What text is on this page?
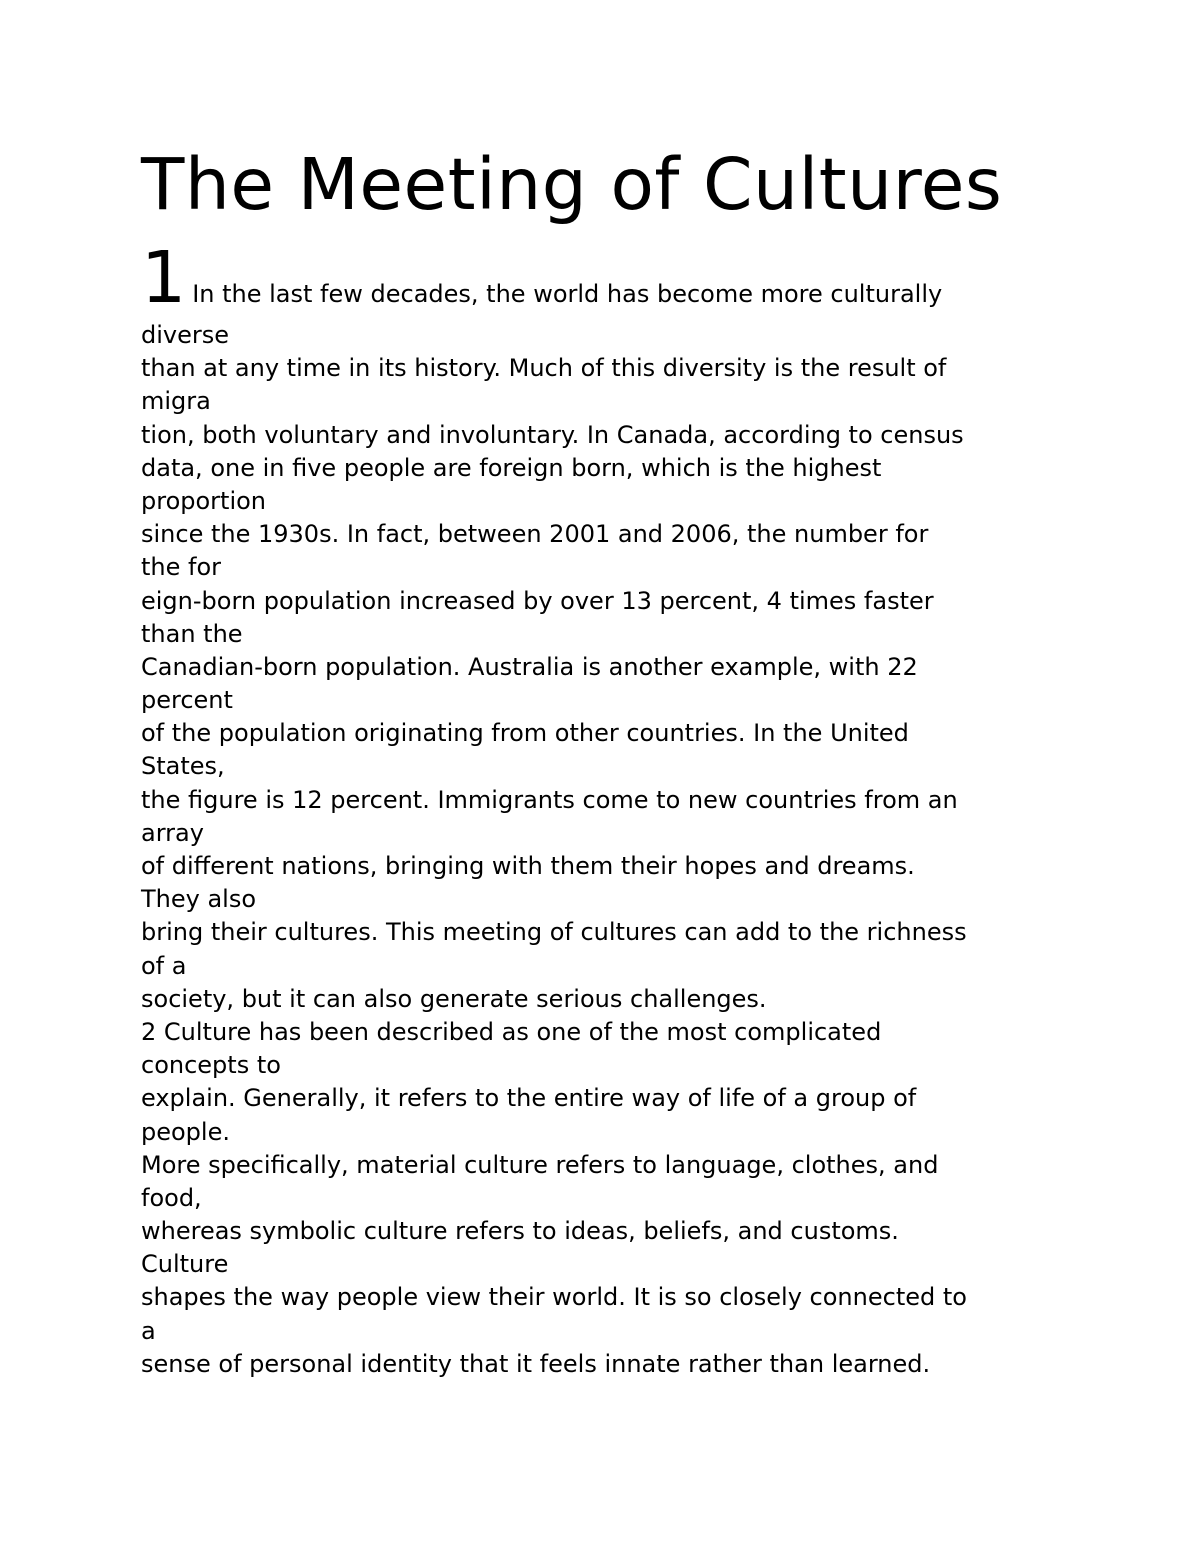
The Meeting of Cultures
1 In the last few decades, the world has become more culturally
diverse
than at any time in its history. Much of this diversity is the result of
migra
tion, both voluntary and involuntary. In Canada, according to census
data, one in five people are foreign born, which is the highest
proportion
since the 1930s. In fact, between 2001 and 2006, the number for
the for
eign-born population increased by over 13 percent, 4 times faster
than the
Canadian-born population. Australia is another example, with 22
percent
of the population originating from other countries. In the United
States,
the figure is 12 percent. Immigrants come to new countries from an
array
of different nations, bringing with them their hopes and dreams.
They also
bring their cultures. This meeting of cultures can add to the richness
of a
society, but it can also generate serious challenges.
2 Culture has been described as one of the most complicated
concepts to
explain. Generally, it refers to the entire way of life of a group of
people.
More specifically, material culture refers to language, clothes, and
food,
whereas symbolic culture refers to ideas, beliefs, and customs.
Culture
shapes the way people view their world. It is so closely connected to
a
sense of personal identity that it feels innate rather than learned.
